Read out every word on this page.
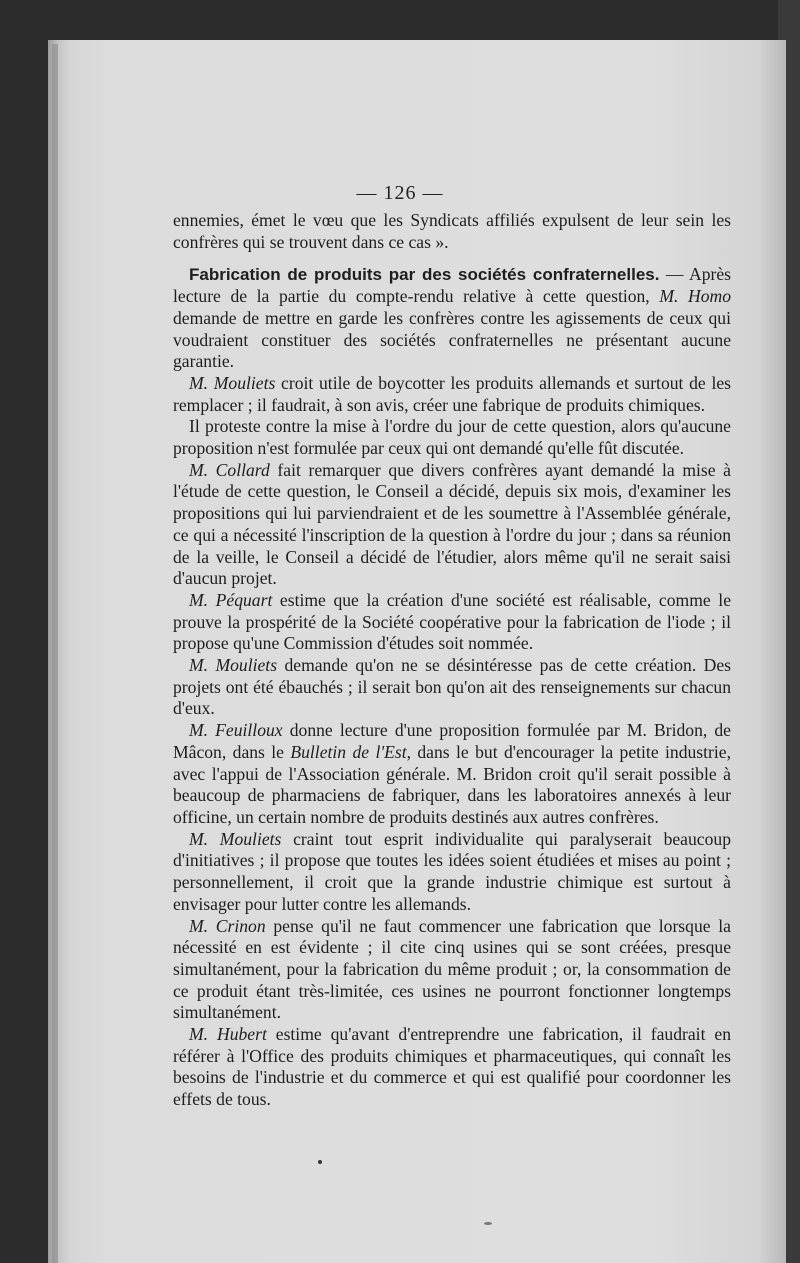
— 126 —

ennemies, émet le vœu que les Syndicats affiliés expulsent de leur sein les confrères qui se trouvent dans ce cas ».

Fabrication de produits par des sociétés confraternelles. — Après lecture de la partie du compte-rendu relative à cette question, M. Homo demande de mettre en garde les confrères contre les agissements de ceux qui voudraient constituer des sociétés confraternelles ne présentant aucune garantie.

M. Mouliets croit utile de boycotter les produits allemands et surtout de les remplacer ; il faudrait, à son avis, créer une fabrique de produits chimiques.

Il proteste contre la mise à l'ordre du jour de cette question, alors qu'aucune proposition n'est formulée par ceux qui ont demandé qu'elle fût discutée.

M. Collard fait remarquer que divers confrères ayant demandé la mise à l'étude de cette question, le Conseil a décidé, depuis six mois, d'examiner les propositions qui lui parviendraient et de les soumettre à l'Assemblée générale, ce qui a nécessité l'inscription de la question à l'ordre du jour ; dans sa réunion de la veille, le Conseil a décidé de l'étudier, alors même qu'il ne serait saisi d'aucun projet.

M. Péquart estime que la création d'une société est réalisable, comme le prouve la prospérité de la Société coopérative pour la fabrication de l'iode ; il propose qu'une Commission d'études soit nommée.

M. Mouliets demande qu'on ne se désintéresse pas de cette création. Des projets ont été ébauchés ; il serait bon qu'on ait des renseignements sur chacun d'eux.

M. Feuilloux donne lecture d'une proposition formulée par M. Bridon, de Mâcon, dans le Bulletin de l'Est, dans le but d'encourager la petite industrie, avec l'appui de l'Association générale. M. Bridon croit qu'il serait possible à beaucoup de pharmaciens de fabriquer, dans les laboratoires annexés à leur officine, un certain nombre de produits destinés aux autres confrères.

M. Mouliets craint tout esprit individualite qui paralyserait beaucoup d'initiatives ; il propose que toutes les idées soient étudiées et mises au point ; personnellement, il croit que la grande industrie chimique est surtout à envisager pour lutter contre les allemands.

M. Crinon pense qu'il ne faut commencer une fabrication que lorsque la nécessité en est évidente ; il cite cinq usines qui se sont créées, presque simultanément, pour la fabrication du même produit ; or, la consommation de ce produit étant très-limitée, ces usines ne pourront fonctionner longtemps simultanément.

M. Hubert estime qu'avant d'entreprendre une fabrication, il faudrait en référer à l'Office des produits chimiques et pharmaceutiques, qui connaît les besoins de l'industrie et du commerce et qui est qualifié pour coordonner les effets de tous.
